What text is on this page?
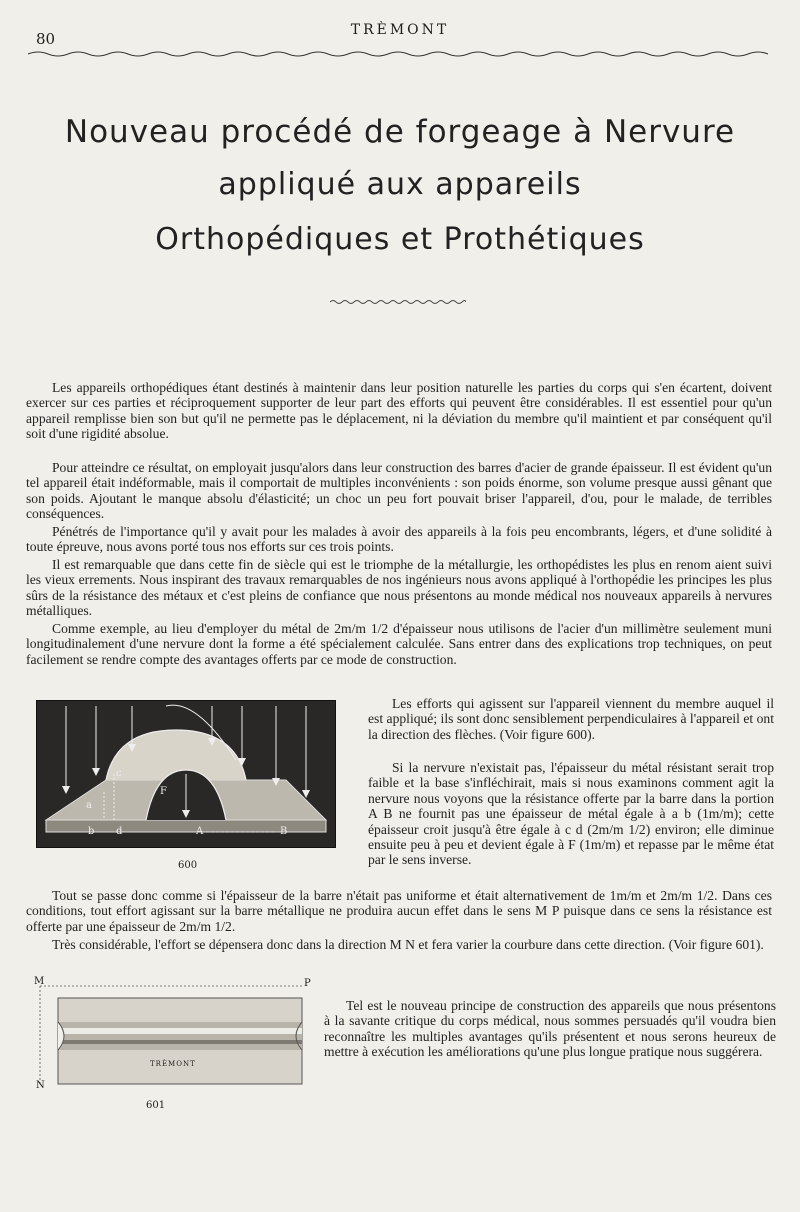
80	TRÈMONT
Nouveau procédé de forgeage à Nervure
appliqué aux appareils
Orthopédiques et Prothétiques

Les appareils orthopédiques étant destinés à maintenir dans leur position naturelle les parties du corps qui s'en écartent, doivent exercer sur ces parties et réciproquement supporter de leur part des efforts qui peuvent être considérables. Il est essentiel pour qu'un appareil remplisse bien son but qu'il ne permette pas le déplacement, ni la déviation du membre qu'il maintient et par conséquent qu'il soit d'une rigidité absolue.

Pour atteindre ce résultat, on employait jusqu'alors dans leur construction des barres d'acier de grande épaisseur. Il est évident qu'un tel appareil était indéformable, mais il comportait de multiples inconvénients : son poids énorme, son volume presque aussi gênant que son poids. Ajoutant le manque absolu d'élasticité; un choc un peu fort pouvait briser l'appareil, d'ou, pour le malade, de terribles conséquences.

Pénétrés de l'importance qu'il y avait pour les malades à avoir des appareils à la fois peu encombrants, légers, et d'une solidité à toute épreuve, nous avons porté tous nos efforts sur ces trois points.

Il est remarquable que dans cette fin de siècle qui est le triomphe de la métallurgie, les orthopédistes les plus en renom aient suivi les vieux errements. Nous inspirant des travaux remarquables de nos ingénieurs nous avons appliqué à l'orthopédie les principes les plus sûrs de la résistance des métaux et c'est pleins de confiance que nous présentons au monde médical nos nouveaux appareils à nervures métalliques.

Comme exemple, au lieu d'employer du métal de 2m/m 1/2 d'épaisseur nous utilisons de l'acier d'un millimètre seulement muni longitudinalement d'une nervure dont la forme a été spécialement calculée. Sans entrer dans des explications trop techniques, on peut facilement se rendre compte des avantages offerts par ce mode de construction.

a
b
c
d
F
A	B
600

Les efforts qui agissent sur l'appareil viennent du membre auquel il est appliqué; ils sont donc sensiblement perpendiculaires à l'appareil et ont la direction des flèches. (Voir figure 600).

Si la nervure n'existait pas, l'épaisseur du métal résistant serait trop faible et la base s'infléchirait, mais si nous examinons comment agit la nervure nous voyons que la résistance offerte par la barre dans la portion A B ne fournit pas une épaisseur de métal égale à a b (1m/m); cette épaisseur croit jusqu'à être égale à c d (2m/m 1/2) environ; elle diminue ensuite peu à peu et devient égale à F (1m/m) et repasse par le même état par le sens inverse.

Tout se passe donc comme si l'épaisseur de la barre n'était pas uniforme et était alternativement de 1m/m et 2m/m 1/2. Dans ces conditions, tout effort agissant sur la barre métallique ne produira aucun effet dans le sens M P puisque dans ce sens la résistance est offerte par une épaisseur de 2m/m 1/2.

Très considérable, l'effort se dépensera donc dans la direction M N et fera varier la courbure dans cette direction. (Voir figure 601).

M	P
N
TRÈMONT
601

Tel est le nouveau principe de construction des appareils que nous présentons à la savante critique du corps médical, nous sommes persuadés qu'il voudra bien reconnaître les multiples avantages qu'ils présentent et nous serons heureux de mettre à exécution les améliorations qu'une plus longue pratique nous suggérera.
